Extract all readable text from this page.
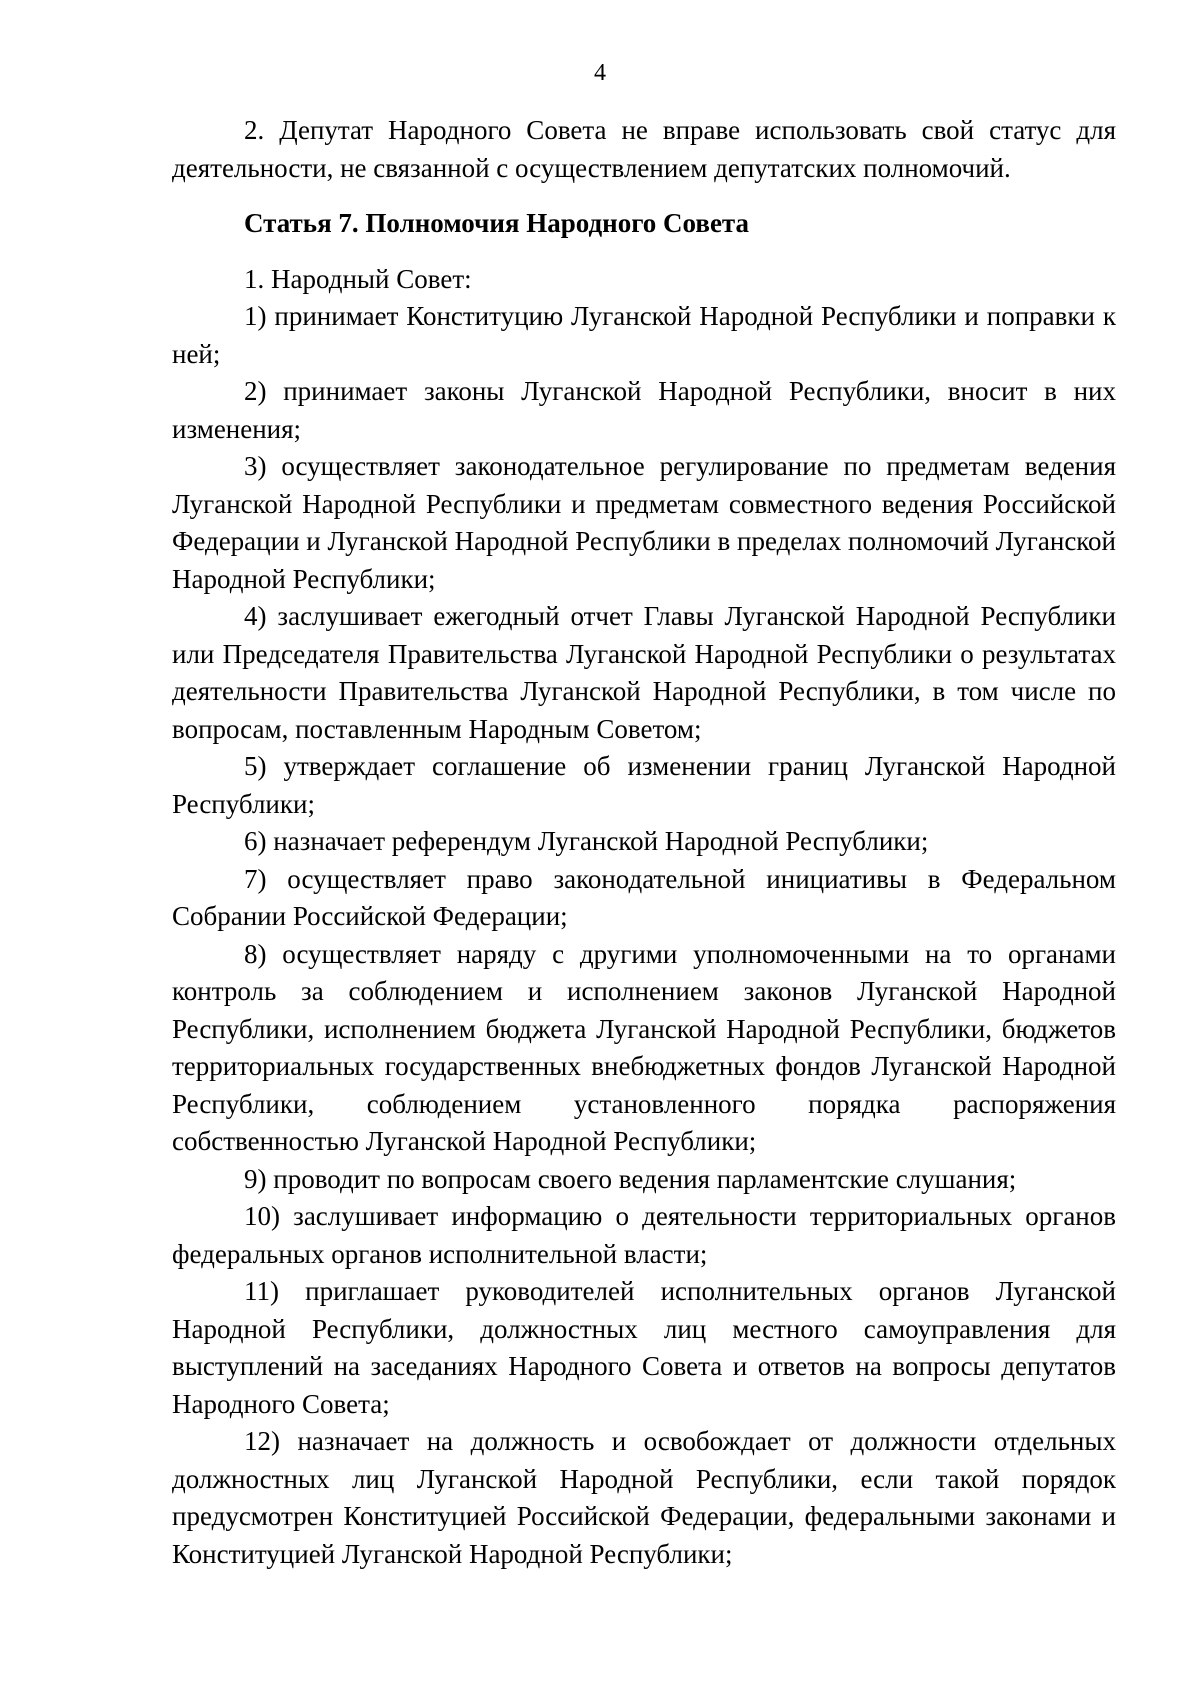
4

2. Депутат Народного Совета не вправе использовать свой статус для деятельности, не связанной с осуществлением депутатских полномочий.

Статья 7. Полномочия Народного Совета

1. Народный Совет:

1) принимает Конституцию Луганской Народной Республики и поправки к ней;

2) принимает законы Луганской Народной Республики, вносит в них изменения;

3) осуществляет законодательное регулирование по предметам ведения Луганской Народной Республики и предметам совместного ведения Российской Федерации и Луганской Народной Республики в пределах полномочий Луганской Народной Республики;

4) заслушивает ежегодный отчет Главы Луганской Народной Республики или Председателя Правительства Луганской Народной Республики о результатах деятельности Правительства Луганской Народной Республики, в том числе по вопросам, поставленным Народным Советом;

5) утверждает соглашение об изменении границ Луганской Народной Республики;

6) назначает референдум Луганской Народной Республики;

7) осуществляет право законодательной инициативы в Федеральном Собрании Российской Федерации;

8) осуществляет наряду с другими уполномоченными на то органами контроль за соблюдением и исполнением законов Луганской Народной Республики, исполнением бюджета Луганской Народной Республики, бюджетов территориальных государственных внебюджетных фондов Луганской Народной Республики, соблюдением установленного порядка распоряжения собственностью Луганской Народной Республики;

9) проводит по вопросам своего ведения парламентские слушания;

10) заслушивает информацию о деятельности территориальных органов федеральных органов исполнительной власти;

11) приглашает руководителей исполнительных органов Луганской Народной Республики, должностных лиц местного самоуправления для выступлений на заседаниях Народного Совета и ответов на вопросы депутатов Народного Совета;

12) назначает на должность и освобождает от должности отдельных должностных лиц Луганской Народной Республики, если такой порядок предусмотрен Конституцией Российской Федерации, федеральными законами и Конституцией Луганской Народной Республики;
